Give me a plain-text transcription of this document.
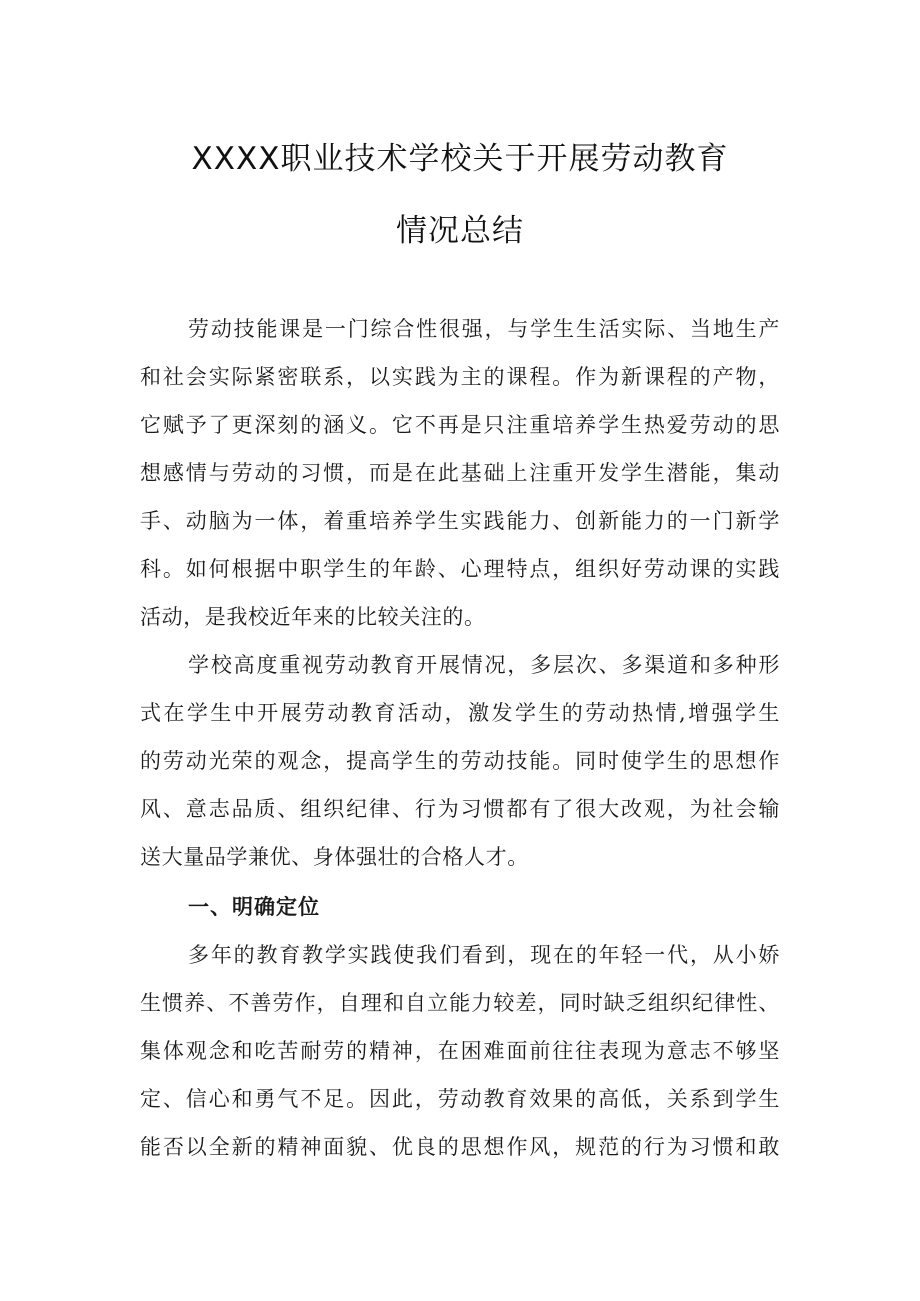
XXXX职业技术学校关于开展劳动教育
情况总结
劳动技能课是一门综合性很强，与学生生活实际、当地生产
和社会实际紧密联系，以实践为主的课程。作为新课程的产物，
它赋予了更深刻的涵义。它不再是只注重培养学生热爱劳动的思
想感情与劳动的习惯，而是在此基础上注重开发学生潜能，集动
手、动脑为一体，着重培养学生实践能力、创新能力的一门新学
科。如何根据中职学生的年龄、心理特点，组织好劳动课的实践
活动，是我校近年来的比较关注的。
学校高度重视劳动教育开展情况，多层次、多渠道和多种形
式在学生中开展劳动教育活动，激发学生的劳动热情,增强学生
的劳动光荣的观念，提高学生的劳动技能。同时使学生的思想作
风、意志品质、组织纪律、行为习惯都有了很大改观，为社会输
送大量品学兼优、身体强壮的合格人才。
一、明确定位
多年的教育教学实践使我们看到，现在的年轻一代，从小娇
生惯养、不善劳作，自理和自立能力较差，同时缺乏组织纪律性、
集体观念和吃苦耐劳的精神，在困难面前往往表现为意志不够坚
定、信心和勇气不足。因此，劳动教育效果的高低，关系到学生
能否以全新的精神面貌、优良的思想作风，规范的行为习惯和敢
